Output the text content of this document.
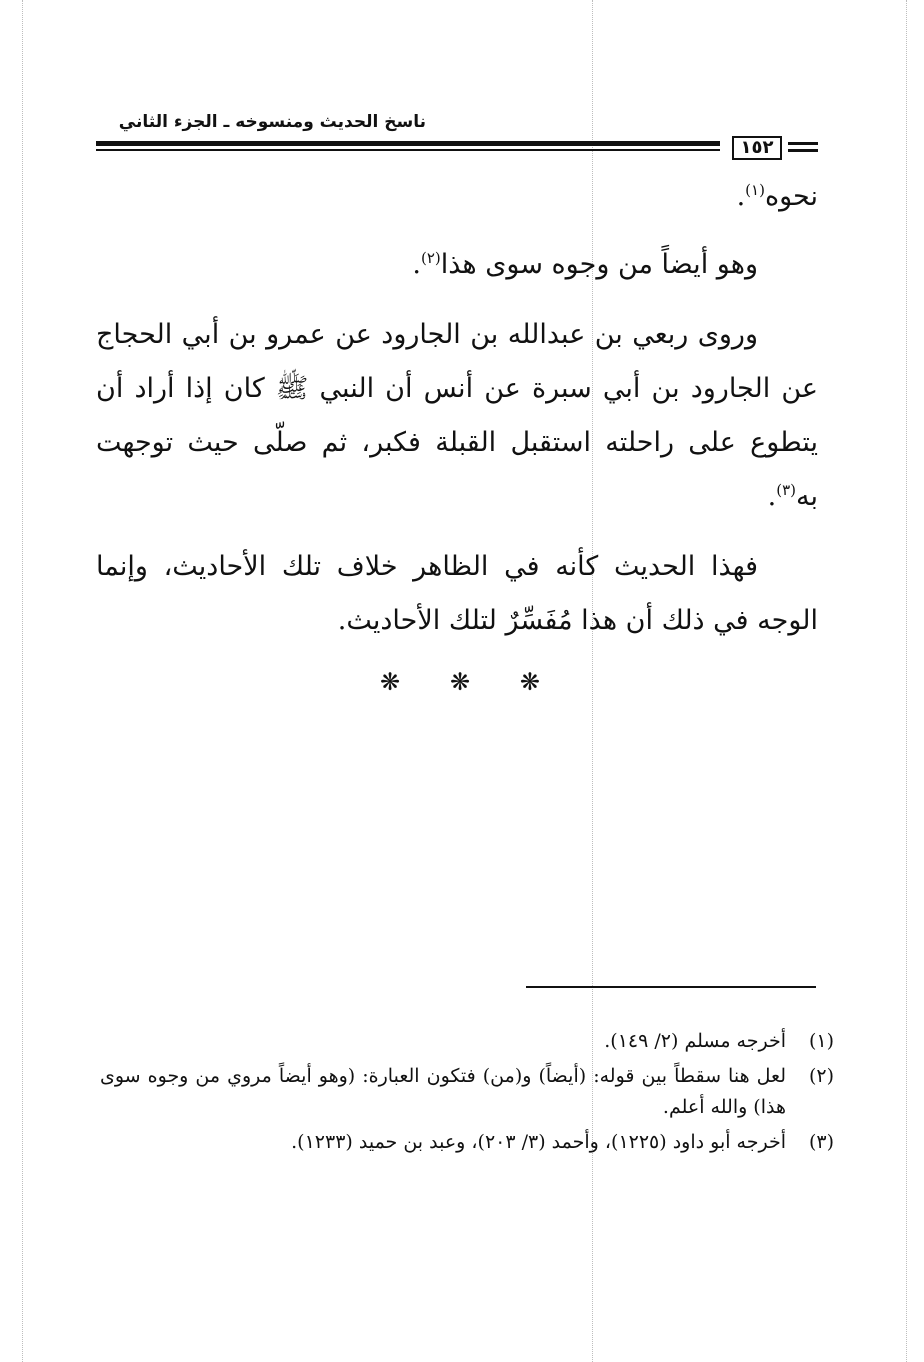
ناسخ الحديث ومنسوخه ـ الجزء الثاني
١٥٢

نحوه$^{(١)}$.

وهو أيضاً من وجوه سوى هذا$^{(٢)}$.

وروى ربعي بن عبدالله بن الجارود عن عمرو بن أبي الحجاج عن الجارود بن أبي سبرة عن أنس أن النبي ﷺ كان إذا أراد أن يتطوع على راحلته استقبل القبلة فكبر، ثم صلّى حيث توجهت به$^{(٣)}$.

فهذا الحديث كأنه في الظاهر خلاف تلك الأحاديث، وإنما الوجه في ذلك أن هذا مُفَسِّرٌ لتلك الأحاديث.

❋ ❋ ❋
(١)
أخرجه مسلم (٢/ ١٤٩).
(٢)
لعل هنا سقطاً بين قوله: (أيضاً) و(من) فتكون العبارة: (وهو أيضاً مروي من وجوه سوى هذا) والله أعلم.
(٣)
أخرجه أبو داود (١٢٢٥)، وأحمد (٣/ ٢٠٣)، وعبد بن حميد (١٢٣٣).
